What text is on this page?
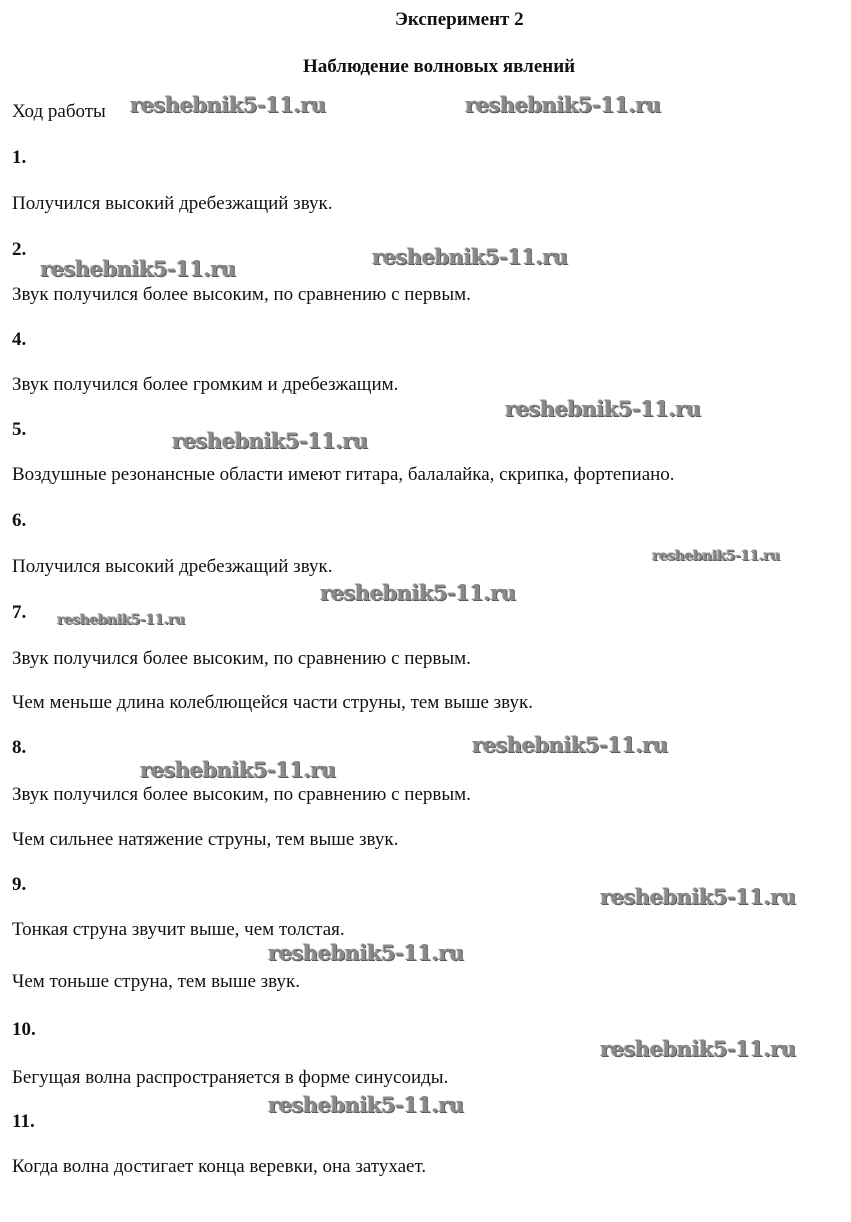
Эксперимент 2
Наблюдение волновых явлений
Ход работы
1.
Получился высокий дребезжащий звук.
2.
Звук получился более высоким, по сравнению с первым.
4.
Звук получился более громким и дребезжащим.
5.
Воздушные резонансные области имеют гитара, балалайка, скрипка, фортепиано.
6.
Получился высокий дребезжащий звук.
7.
Звук получился более высоким, по сравнению с первым.
Чем меньше длина колеблющейся части струны, тем выше звук.
8.
Звук получился более высоким, по сравнению с первым.
Чем сильнее натяжение струны, тем выше звук.
9.
Тонкая струна звучит выше, чем толстая.
Чем тоньше струна, тем выше звук.
10.
Бегущая волна распространяется в форме синусоиды.
11.
Когда волна достигает конца веревки, она затухает.
reshebnik5-11.ru	reshebnik5-11.ru
reshebnik5-11.ru	reshebnik5-11.ru
reshebnik5-11.ru
reshebnik5-11.ru
reshebnik5-11.ru
reshebnik5-11.ru
reshebnik5-11.ru
reshebnik5-11.ru
reshebnik5-11.ru
reshebnik5-11.ru
reshebnik5-11.ru
reshebnik5-11.ru
reshebnik5-11.ru
